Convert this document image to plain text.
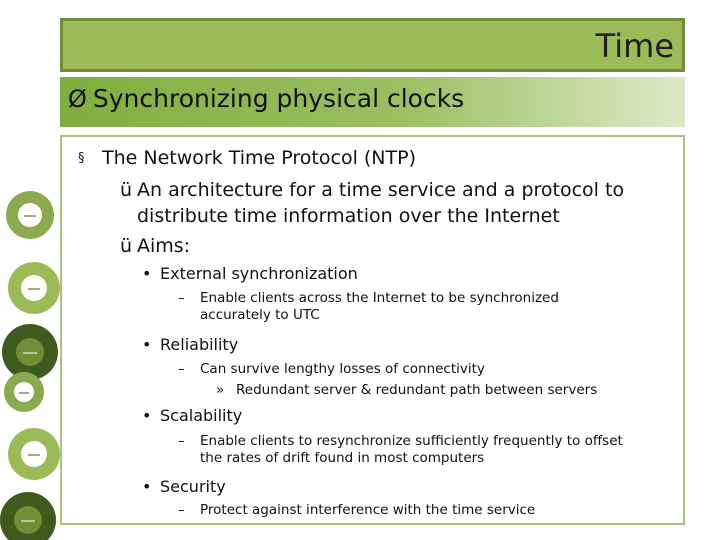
Time
Ø Synchronizing physical clocks
§ The Network Time Protocol (NTP)
ü An architecture for a time service and a protocol to
distribute time information over the Internet
ü Aims:
• External synchronization
–	Enable clients across the Internet to be synchronized
accurately to UTC
• Reliability
–	Can survive lengthy losses of connectivity
» Redundant server & redundant path between servers
• Scalability
–	Enable clients to resynchronize sufficiently frequently to offset
the rates of drift found in most computers
• Security
–	Protect against interference with the time service
